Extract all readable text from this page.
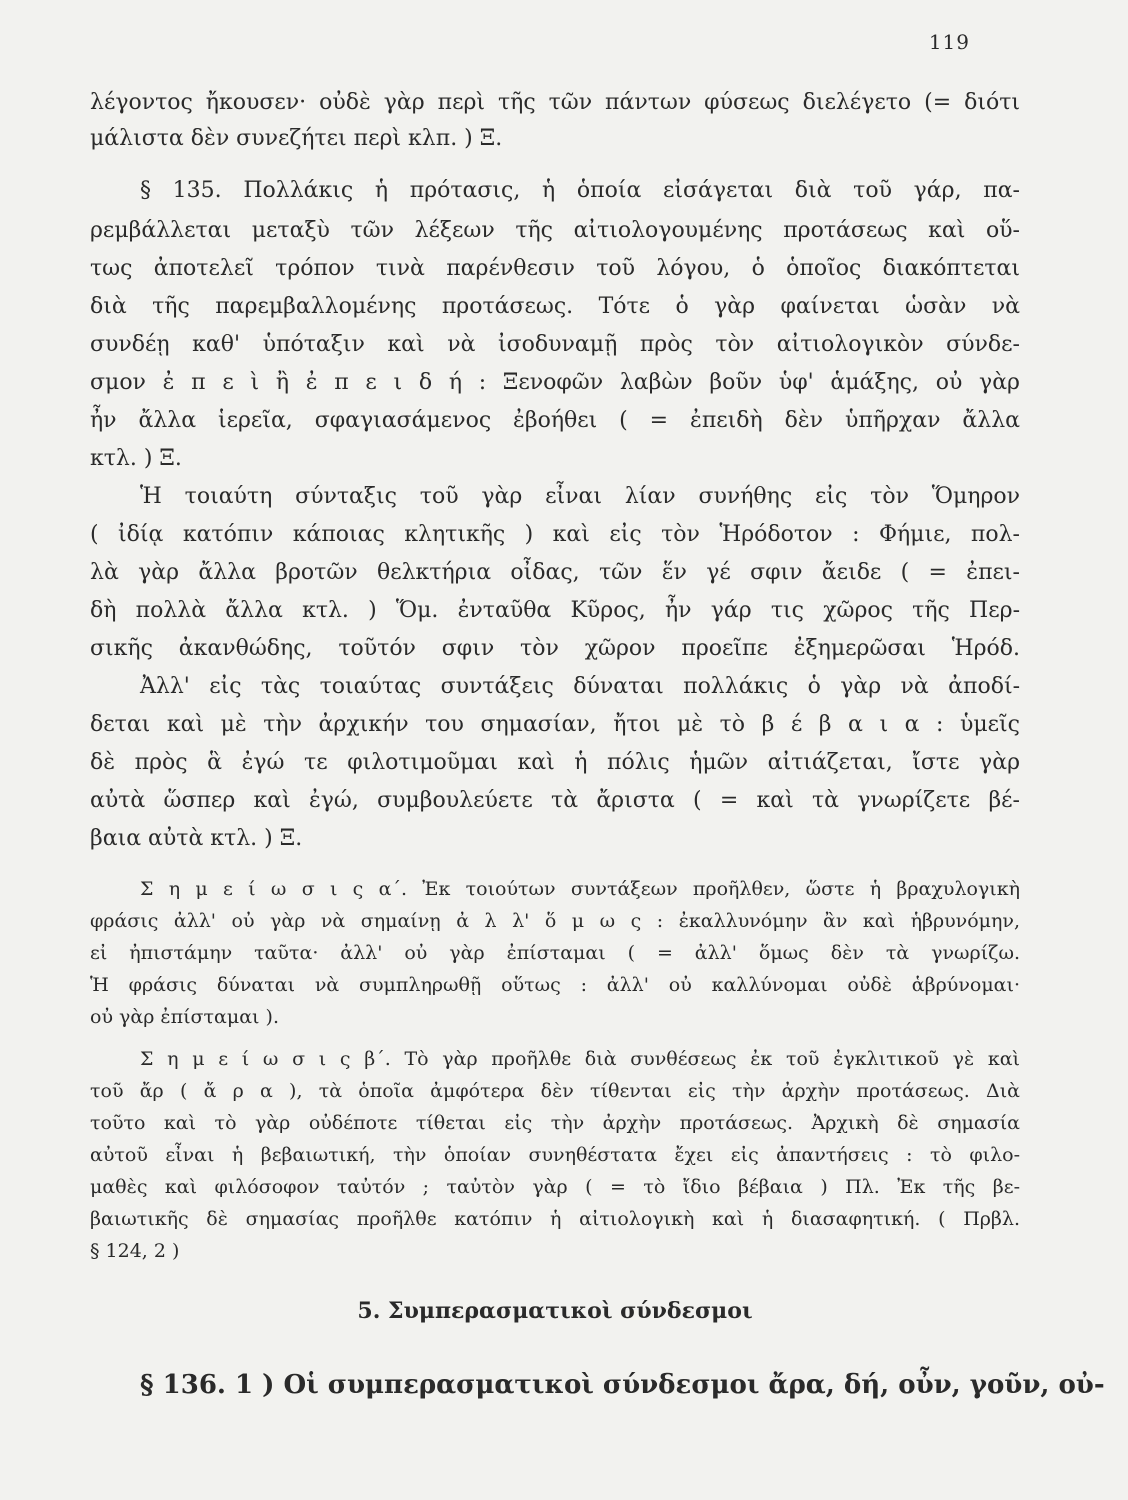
119
λέγοντος ἤκουσεν· οὐδὲ γὰρ περὶ τῆς τῶν πάντων φύσεως διελέγετο (= διότι
μάλιστα δὲν συνεζήτει περὶ κλπ. ) Ξ.
§ 135. Πολλάκις ἡ πρότασις, ἡ ὁποία εἰσάγεται διὰ τοῦ γάρ, πα-
ρεμβάλλεται μεταξὺ τῶν λέξεων τῆς αἰτιολογουμένης προτάσεως καὶ οὕ-
τως ἀποτελεῖ τρόπον τινὰ παρένθεσιν τοῦ λόγου, ὁ ὁποῖος διακόπτεται
διὰ τῆς παρεμβαλλομένης προτάσεως. Τότε ὁ γὰρ φαίνεται ὡσὰν νὰ
συνδέῃ καθ' ὑπόταξιν καὶ νὰ ἰσοδυναμῇ πρὸς τὸν αἰτιολογικὸν σύνδε-
σμον ἐ π ε ὶ ἢ ἐ π ε ι δ ή : Ξενοφῶν λαβὼν βοῦν ὑφ' ἁμάξης, οὐ γὰρ
ἦν ἄλλα ἱερεῖα, σφαγιασάμενος ἐβοήθει ( = ἐπειδὴ δὲν ὑπῆρχαν ἄλλα
κτλ. ) Ξ.
Ἡ τοιαύτη σύνταξις τοῦ γὰρ εἶναι λίαν συνήθης εἰς τὸν Ὅμηρον
( ἰδίᾳ κατόπιν κάποιας κλητικῆς ) καὶ εἰς τὸν Ἡρόδοτον : Φήμιε, πολ-
λὰ γὰρ ἄλλα βροτῶν θελκτήρια οἶδας, τῶν ἕν γέ σφιν ἄειδε ( = ἐπει-
δὴ πολλὰ ἄλλα κτλ. ) Ὅμ. ἐνταῦθα Κῦρος, ἦν γάρ τις χῶρος τῆς Περ-
σικῆς ἀκανθώδης, τοῦτόν σφιν τὸν χῶρον προεῖπε ἐξημερῶσαι Ἡρόδ.
Ἀλλ' εἰς τὰς τοιαύτας συντάξεις δύναται πολλάκις ὁ γὰρ νὰ ἀποδί-
δεται καὶ μὲ τὴν ἀρχικήν του σημασίαν, ἤτοι μὲ τὸ β έ β α ι α : ὑμεῖς
δὲ πρὸς ἃ ἐγώ τε φιλοτιμοῦμαι καὶ ἡ πόλις ἡμῶν αἰτιάζεται, ἴστε γὰρ
αὐτὰ ὥσπερ καὶ ἐγώ, συμβουλεύετε τὰ ἄριστα ( = καὶ τὰ γνωρίζετε βέ-
βαια αὐτὰ κτλ. ) Ξ.
Σ η μ ε ί ω σ ι ς α΄. Ἐκ τοιούτων συντάξεων προῆλθεν, ὥστε ἡ βραχυλογικὴ
φράσις ἀλλ' οὐ γὰρ νὰ σημαίνῃ ἀ λ λ' ὅ μ ω ς : ἐκαλλυνόμην ἂν καὶ ἡβρυνόμην,
εἰ ἠπιστάμην ταῦτα· ἀλλ' οὐ γὰρ ἐπίσταμαι ( = ἀλλ' ὅμως δὲν τὰ γνωρίζω.
Ἡ φράσις δύναται νὰ συμπληρωθῇ οὕτως : ἀλλ' οὐ καλλύνομαι οὐδὲ ἁβρύνομαι·
οὐ γὰρ ἐπίσταμαι ).
Σ η μ ε ί ω σ ι ς β΄. Τὸ γὰρ προῆλθε διὰ συνθέσεως ἐκ τοῦ ἐγκλιτικοῦ γὲ καὶ
τοῦ ἄρ ( ἄ ρ α ), τὰ ὁποῖα ἀμφότερα δὲν τίθενται εἰς τὴν ἀρχὴν προτάσεως. Διὰ
τοῦτο καὶ τὸ γὰρ οὐδέποτε τίθεται εἰς τὴν ἀρχὴν προτάσεως. Ἀρχικὴ δὲ σημασία
αὐτοῦ εἶναι ἡ βεβαιωτική, τὴν ὁποίαν συνηθέστατα ἔχει εἰς ἀπαντήσεις : τὸ φιλο-
μαθὲς καὶ φιλόσοφον ταὐτόν ; ταὐτὸν γὰρ ( = τὸ ἴδιο βέβαια ) Πλ. Ἐκ τῆς βε-
βαιωτικῆς δὲ σημασίας προῆλθε κατόπιν ἡ αἰτιολογικὴ καὶ ἡ διασαφητική. ( Πρβλ.
§ 124, 2 )
5. Συμπερασματικοὶ σύνδεσμοι
§ 136. 1 ) Οἱ συμπερασματικοὶ σύνδεσμοι ἄρα, δή, οὖν, γοῦν, οὐ-
